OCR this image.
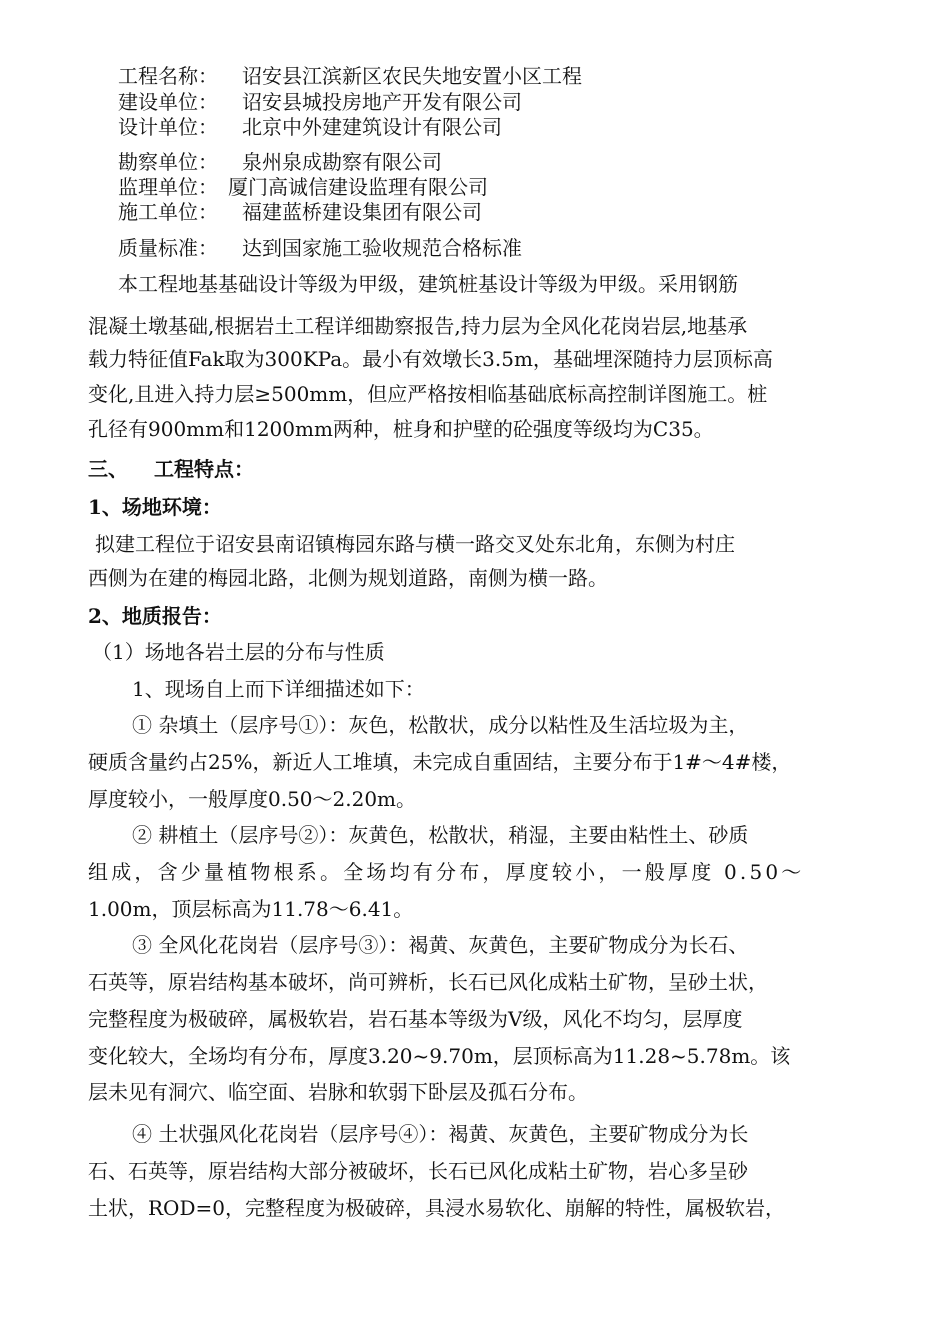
工程名称： 诏安县江滨新区农民失地安置小区工程
建设单位： 诏安县城投房地产开发有限公司
设计单位： 北京中外建建筑设计有限公司
勘察单位： 泉州泉成勘察有限公司
监理单位： 厦门高诚信建设监理有限公司
施工单位： 福建蓝桥建设集团有限公司
质量标准： 达到国家施工验收规范合格标准
本工程地基基础设计等级为甲级，建筑桩基设计等级为甲级。采用钢筋
混凝土墩基础,根据岩土工程详细勘察报告,持力层为全风化花岗岩层,地基承
载力特征值Fak取为300KPa。最小有效墩长3.5m，基础埋深随持力层顶标高
变化,且进入持力层≥500mm，但应严格按相临基础底标高控制详图施工。桩
孔径有900mm和1200mm两种，桩身和护壁的砼强度等级均为C35。
三、 工程特点：
1、场地环境：
拟建工程位于诏安县南诏镇梅园东路与横一路交叉处东北角，东侧为村庄
西侧为在建的梅园北路，北侧为规划道路，南侧为横一路。
2、地质报告：
（1）场地各岩土层的分布与性质
1、现场自上而下详细描述如下：
① 杂填土（层序号①）：灰色，松散状，成分以粘性及生活垃圾为主，
硬质含量约占25%，新近人工堆填，未完成自重固结，主要分布于1#～4#楼，
厚度较小，一般厚度0.50～2.20m。
② 耕植土（层序号②）：灰黄色，松散状，稍湿，主要由粘性土、砂质
组成，含少量植物根系。全场均有分布，厚度较小，一般厚度 0.50～
1.00m，顶层标高为11.78～6.41。
③ 全风化花岗岩（层序号③）：褐黄、灰黄色，主要矿物成分为长石、
石英等，原岩结构基本破坏，尚可辨析，长石已风化成粘土矿物，呈砂土状，
完整程度为极破碎，属极软岩，岩石基本等级为Ⅴ级，风化不均匀，层厚度
变化较大，全场均有分布，厚度3.20~9.70m，层顶标高为11.28~5.78m。该
层未见有洞穴、临空面、岩脉和软弱下卧层及孤石分布。
④ 土状强风化花岗岩（层序号④）：褐黄、灰黄色，主要矿物成分为长
石、石英等，原岩结构大部分被破坏，长石已风化成粘土矿物，岩心多呈砂
土状，ROD=0，完整程度为极破碎，具浸水易软化、崩解的特性，属极软岩，
